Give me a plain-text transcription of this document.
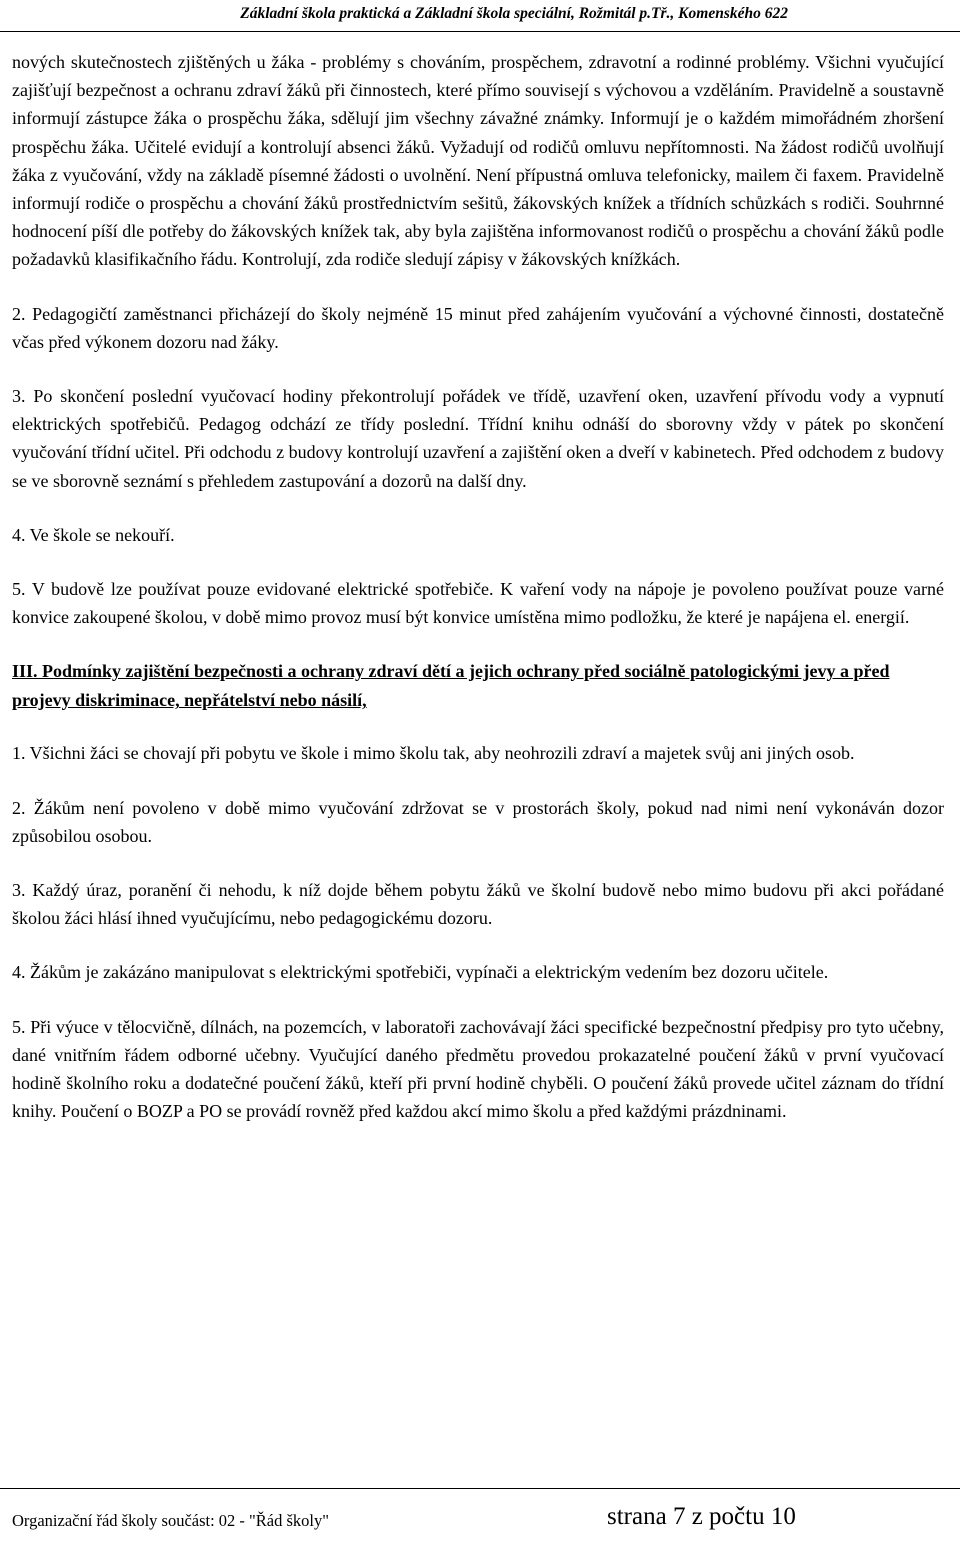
Základní škola praktická a Základní škola speciální, Rožmitál p.Tř., Komenského 622

nových skutečnostech zjištěných u žáka - problémy s chováním, prospěchem, zdravotní a rodinné problémy. Všichni vyučující zajišťují bezpečnost a ochranu zdraví žáků při činnostech, které přímo souvisejí s výchovou a vzděláním. Pravidelně a soustavně informují zástupce žáka o prospěchu žáka, sdělují jim všechny závažné známky. Informují je o každém mimořádném zhoršení prospěchu žáka. Učitelé evidují a kontrolují absenci žáků. Vyžadují od rodičů omluvu nepřítomnosti. Na žádost rodičů uvolňují žáka z vyučování, vždy na základě písemné žádosti o uvolnění. Není přípustná omluva telefonicky, mailem či faxem. Pravidelně informují rodiče o prospěchu a chování žáků prostřednictvím sešitů, žákovských knížek a třídních schůzkách s rodiči. Souhrnné hodnocení píší dle potřeby do žákovských knížek tak, aby byla zajištěna informovanost rodičů o prospěchu a chování žáků podle požadavků klasifikačního řádu. Kontrolují, zda rodiče sledují zápisy v žákovských knížkách.

2. Pedagogičtí zaměstnanci přicházejí do školy nejméně 15 minut před zahájením vyučování a výchovné činnosti, dostatečně včas před výkonem dozoru nad žáky.

3. Po skončení poslední vyučovací hodiny překontrolují pořádek ve třídě, uzavření oken, uzavření přívodu vody a vypnutí elektrických spotřebičů. Pedagog odchází ze třídy poslední. Třídní knihu odnáší do sborovny vždy v pátek po skončení vyučování třídní učitel. Při odchodu z budovy kontrolují uzavření a zajištění oken a dveří v kabinetech. Před odchodem z budovy se ve sborovně seznámí s přehledem zastupování a dozorů na další dny.

4. Ve škole se nekouří.

5. V budově lze používat pouze evidované elektrické spotřebiče. K vaření vody na nápoje je povoleno používat pouze varné konvice zakoupené školou, v době mimo provoz musí být konvice umístěna mimo podložku, že které je napájena el. energií.

III. Podmínky zajištění bezpečnosti a ochrany zdraví dětí a jejich ochrany před sociálně patologickými jevy a před projevy diskriminace, nepřátelství nebo násilí,

1. Všichni žáci se chovají při pobytu ve škole i mimo školu tak, aby neohrozili zdraví a majetek svůj ani jiných osob.

2. Žákům není povoleno v době mimo vyučování zdržovat se v prostorách školy, pokud nad nimi není vykonáván dozor způsobilou osobou.

3. Každý úraz, poranění či nehodu, k níž dojde během pobytu žáků ve školní budově nebo mimo budovu při akci pořádané školou žáci hlásí ihned vyučujícímu, nebo pedagogickému dozoru.

4. Žákům je zakázáno manipulovat s elektrickými spotřebiči, vypínači a elektrickým vedením bez dozoru učitele.

5. Při výuce v tělocvičně, dílnách, na pozemcích, v laboratoři zachovávají žáci specifické bezpečnostní předpisy pro tyto učebny, dané vnitřním řádem odborné učebny. Vyučující daného předmětu provedou prokazatelné poučení žáků v první vyučovací hodině školního roku a dodatečné poučení žáků, kteří při první hodině chyběli. O poučení žáků provede učitel záznam do třídní knihy. Poučení o BOZP a PO se provádí rovněž před každou akcí mimo školu a před každými prázdninami.

Organizační řád školy součást: 02 - "Řád školy"	strana 7 z počtu 10
